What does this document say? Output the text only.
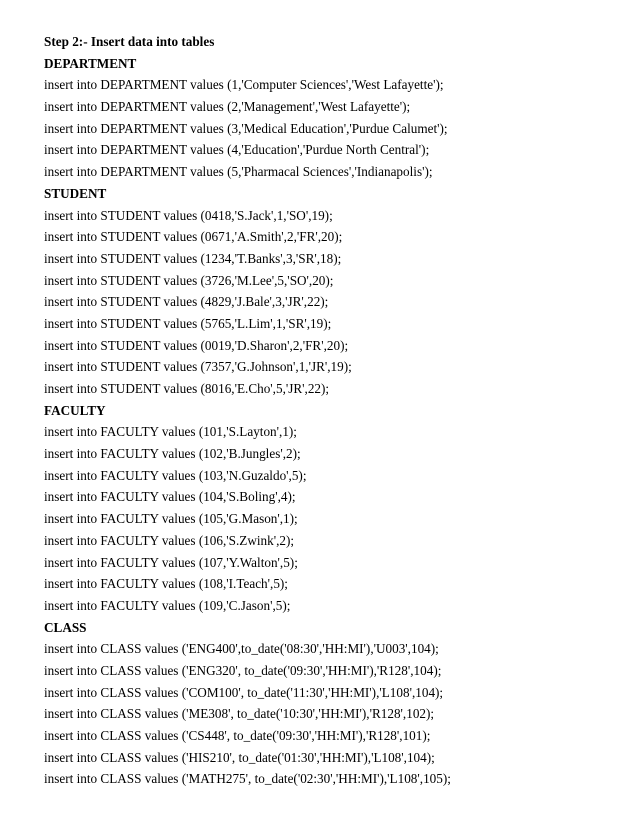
Step 2:- Insert data into tables
DEPARTMENT
insert into DEPARTMENT values (1,'Computer Sciences','West Lafayette');
insert into DEPARTMENT values (2,'Management','West Lafayette');
insert into DEPARTMENT values (3,'Medical Education','Purdue Calumet');
insert into DEPARTMENT values (4,'Education','Purdue North Central');
insert into DEPARTMENT values (5,'Pharmacal Sciences','Indianapolis');
STUDENT
insert into STUDENT values (0418,'S.Jack',1,'SO',19);
insert into STUDENT values (0671,'A.Smith',2,'FR',20);
insert into STUDENT values (1234,'T.Banks',3,'SR',18);
insert into STUDENT values (3726,'M.Lee',5,'SO',20);
insert into STUDENT values (4829,'J.Bale',3,'JR',22);
insert into STUDENT values (5765,'L.Lim',1,'SR',19);
insert into STUDENT values (0019,'D.Sharon',2,'FR',20);
insert into STUDENT values (7357,'G.Johnson',1,'JR',19);
insert into STUDENT values (8016,'E.Cho',5,'JR',22);
FACULTY
insert into FACULTY values (101,'S.Layton',1);
insert into FACULTY values (102,'B.Jungles',2);
insert into FACULTY values (103,'N.Guzaldo',5);
insert into FACULTY values (104,'S.Boling',4);
insert into FACULTY values (105,'G.Mason',1);
insert into FACULTY values (106,'S.Zwink',2);
insert into FACULTY values (107,'Y.Walton',5);
insert into FACULTY values (108,'I.Teach',5);
insert into FACULTY values (109,'C.Jason',5);
CLASS
insert into CLASS values ('ENG400',to_date('08:30','HH:MI'),'U003',104);
insert into CLASS values ('ENG320', to_date('09:30','HH:MI'),'R128',104);
insert into CLASS values ('COM100', to_date('11:30','HH:MI'),'L108',104);
insert into CLASS values ('ME308', to_date('10:30','HH:MI'),'R128',102);
insert into CLASS values ('CS448', to_date('09:30','HH:MI'),'R128',101);
insert into CLASS values ('HIS210', to_date('01:30','HH:MI'),'L108',104);
insert into CLASS values ('MATH275', to_date('02:30','HH:MI'),'L108',105);
